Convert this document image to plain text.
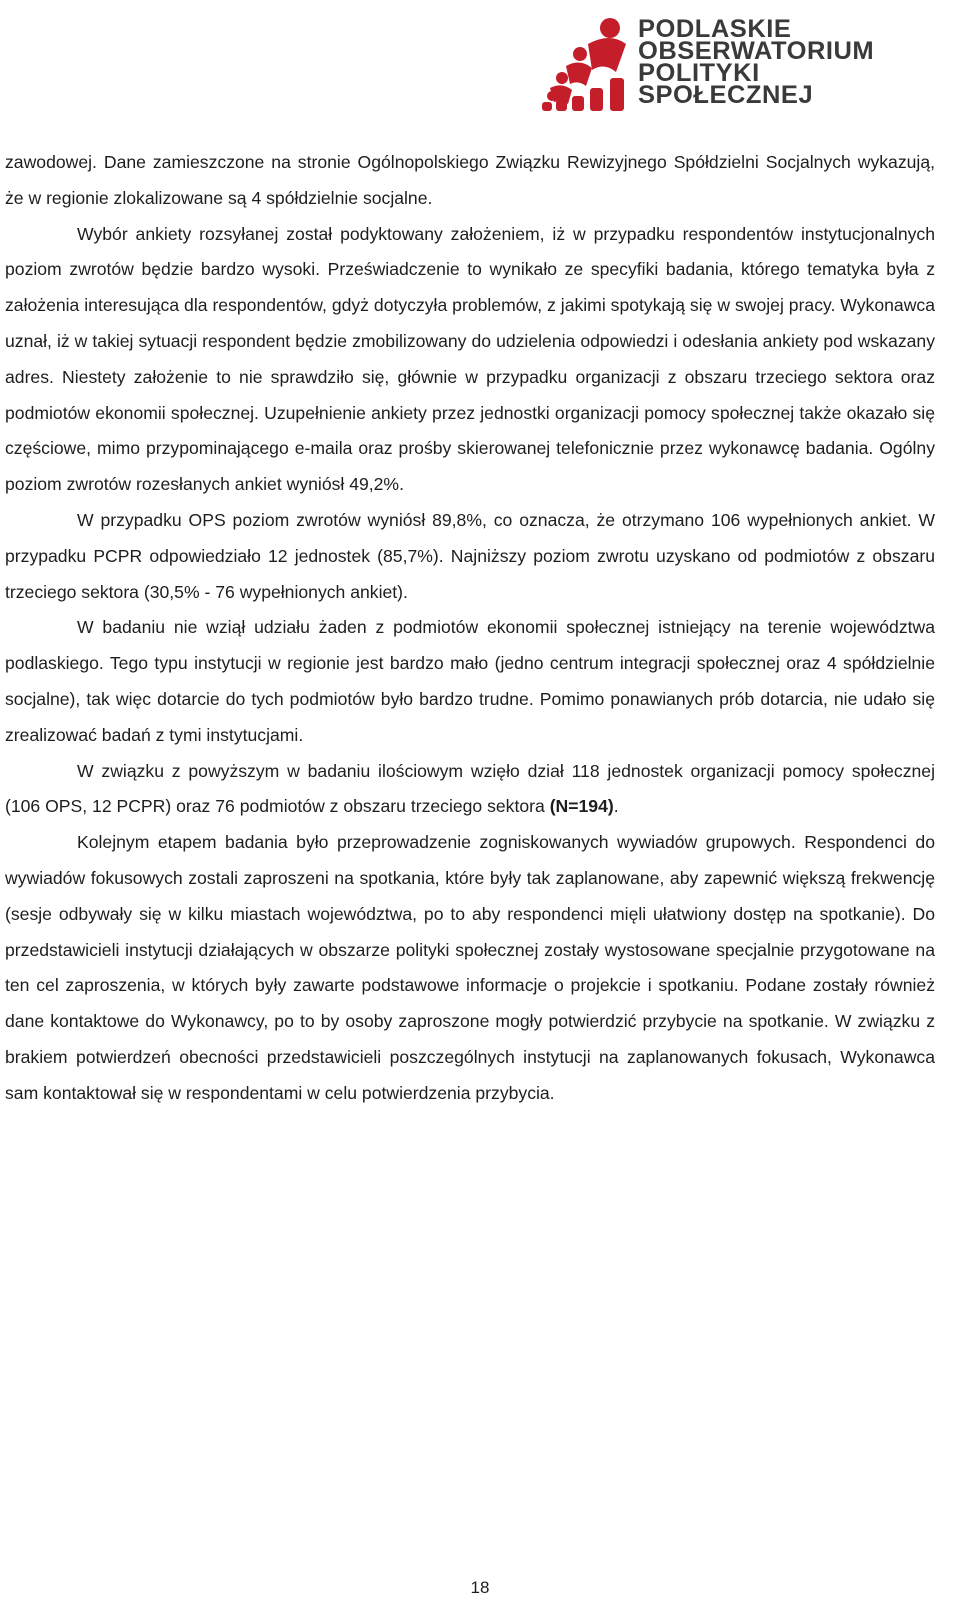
PODLASKIE
OBSERWATORIUM
POLITYKI
SPOŁECZNEJ

zawodowej. Dane zamieszczone na stronie Ogólnopolskiego Związku Rewizyjnego Spółdzielni Socjalnych wykazują, że w regionie zlokalizowane są 4 spółdzielnie socjalne.

Wybór ankiety rozsyłanej został podyktowany założeniem, iż w przypadku respondentów instytucjonalnych poziom zwrotów będzie bardzo wysoki. Przeświadczenie to wynikało ze specyfiki badania, którego tematyka była z założenia interesująca dla respondentów, gdyż dotyczyła problemów, z jakimi spotykają się w swojej pracy. Wykonawca uznał, iż w takiej sytuacji respondent będzie zmobilizowany do udzielenia odpowiedzi i odesłania ankiety pod wskazany adres. Niestety założenie to nie sprawdziło się, głównie w przypadku organizacji z obszaru trzeciego sektora oraz podmiotów ekonomii społecznej. Uzupełnienie ankiety przez jednostki organizacji pomocy społecznej także okazało się częściowe, mimo przypominającego e-maila oraz prośby skierowanej telefonicznie przez wykonawcę badania. Ogólny poziom zwrotów rozesłanych ankiet wyniósł 49,2%.

W przypadku OPS poziom zwrotów wyniósł 89,8%, co oznacza, że otrzymano 106 wypełnionych ankiet. W przypadku PCPR odpowiedziało 12 jednostek (85,7%). Najniższy poziom zwrotu uzyskano od podmiotów z obszaru trzeciego sektora (30,5% - 76 wypełnionych ankiet).

W badaniu nie wziął udziału żaden z podmiotów ekonomii społecznej istniejący na terenie województwa podlaskiego. Tego typu instytucji w regionie jest bardzo mało (jedno centrum integracji społecznej oraz 4 spółdzielnie socjalne), tak więc dotarcie do tych podmiotów było bardzo trudne. Pomimo ponawianych prób dotarcia, nie udało się zrealizować badań z tymi instytucjami.

W związku z powyższym w badaniu ilościowym wzięło dział 118 jednostek organizacji pomocy społecznej (106 OPS, 12 PCPR) oraz 76 podmiotów z obszaru trzeciego sektora (N=194).

Kolejnym etapem badania było przeprowadzenie zogniskowanych wywiadów grupowych. Respondenci do wywiadów fokusowych zostali zaproszeni na spotkania, które były tak zaplanowane, aby zapewnić większą frekwencję (sesje odbywały się w kilku miastach województwa, po to aby respondenci mięli ułatwiony dostęp na spotkanie). Do przedstawicieli instytucji działających w obszarze polityki społecznej zostały wystosowane specjalnie przygotowane na ten cel zaproszenia, w których były zawarte podstawowe informacje o projekcie i spotkaniu. Podane zostały również dane kontaktowe do Wykonawcy, po to by osoby zaproszone mogły potwierdzić przybycie na spotkanie. W związku z brakiem potwierdzeń obecności przedstawicieli poszczególnych instytucji na zaplanowanych fokusach, Wykonawca sam kontaktował się w respondentami w celu potwierdzenia przybycia.

18
